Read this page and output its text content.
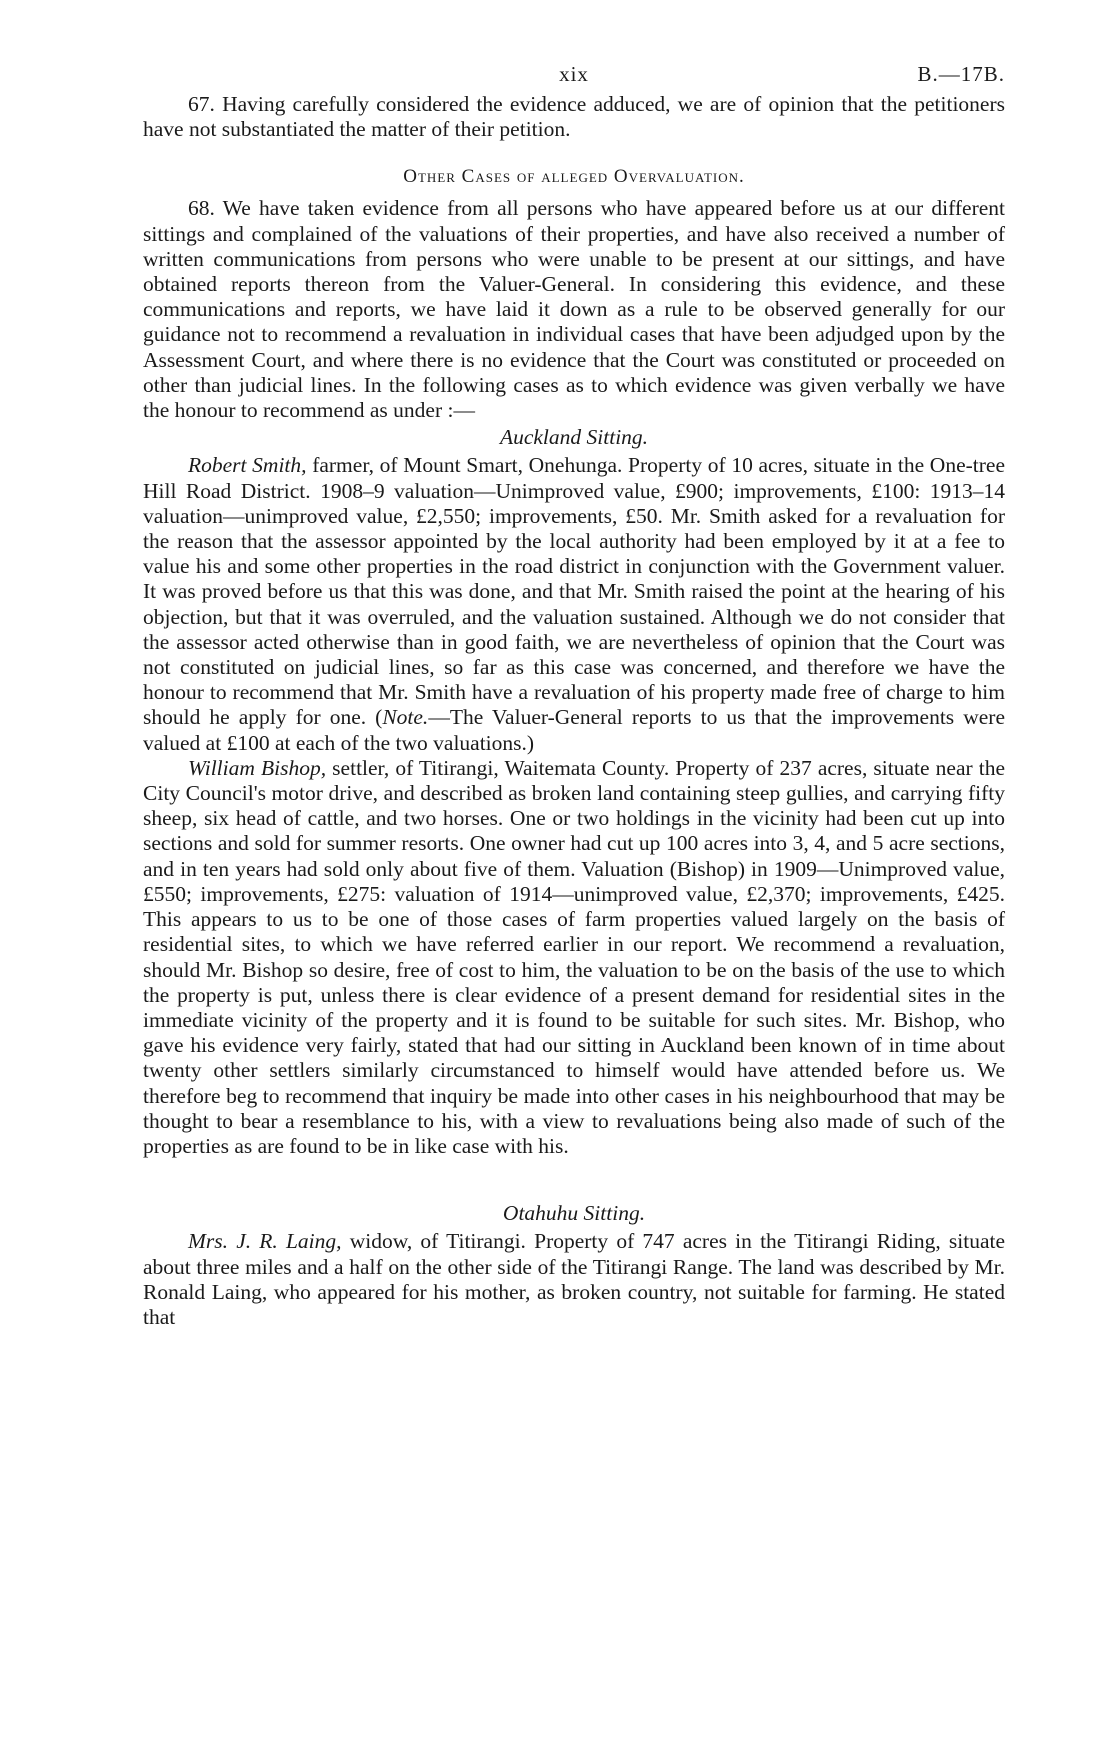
xix	B.—17B.

67. Having carefully considered the evidence adduced, we are of opinion that the petitioners have not substantiated the matter of their petition.

Other Cases of alleged Overvaluation.

68. We have taken evidence from all persons who have appeared before us at our different sittings and complained of the valuations of their properties, and have also received a number of written communications from persons who were unable to be present at our sittings, and have obtained reports thereon from the Valuer-General. In considering this evidence, and these communications and reports, we have laid it down as a rule to be observed generally for our guidance not to recommend a revaluation in individual cases that have been adjudged upon by the Assessment Court, and where there is no evidence that the Court was constituted or proceeded on other than judicial lines. In the following cases as to which evidence was given verbally we have the honour to recommend as under :—

Auckland Sitting.

Robert Smith, farmer, of Mount Smart, Onehunga. Property of 10 acres, situate in the One-tree Hill Road District. 1908–9 valuation—Unimproved value, £900; improvements, £100: 1913–14 valuation—unimproved value, £2,550; improvements, £50. Mr. Smith asked for a revaluation for the reason that the assessor appointed by the local authority had been employed by it at a fee to value his and some other properties in the road district in conjunction with the Government valuer. It was proved before us that this was done, and that Mr. Smith raised the point at the hearing of his objection, but that it was overruled, and the valuation sustained. Although we do not consider that the assessor acted otherwise than in good faith, we are nevertheless of opinion that the Court was not constituted on judicial lines, so far as this case was concerned, and therefore we have the honour to recommend that Mr. Smith have a revaluation of his property made free of charge to him should he apply for one. (Note.—The Valuer-General reports to us that the improvements were valued at £100 at each of the two valuations.)

William Bishop, settler, of Titirangi, Waitemata County. Property of 237 acres, situate near the City Council's motor drive, and described as broken land containing steep gullies, and carrying fifty sheep, six head of cattle, and two horses. One or two holdings in the vicinity had been cut up into sections and sold for summer resorts. One owner had cut up 100 acres into 3, 4, and 5 acre sections, and in ten years had sold only about five of them. Valuation (Bishop) in 1909—Unimproved value, £550; improvements, £275: valuation of 1914—unimproved value, £2,370; improvements, £425. This appears to us to be one of those cases of farm properties valued largely on the basis of residential sites, to which we have referred earlier in our report. We recommend a revaluation, should Mr. Bishop so desire, free of cost to him, the valuation to be on the basis of the use to which the property is put, unless there is clear evidence of a present demand for residential sites in the immediate vicinity of the property and it is found to be suitable for such sites. Mr. Bishop, who gave his evidence very fairly, stated that had our sitting in Auckland been known of in time about twenty other settlers similarly circumstanced to himself would have attended before us. We therefore beg to recommend that inquiry be made into other cases in his neighbourhood that may be thought to bear a resemblance to his, with a view to revaluations being also made of such of the properties as are found to be in like case with his.

Otahuhu Sitting.

Mrs. J. R. Laing, widow, of Titirangi. Property of 747 acres in the Titirangi Riding, situate about three miles and a half on the other side of the Titirangi Range. The land was described by Mr. Ronald Laing, who appeared for his mother, as broken country, not suitable for farming. He stated that
